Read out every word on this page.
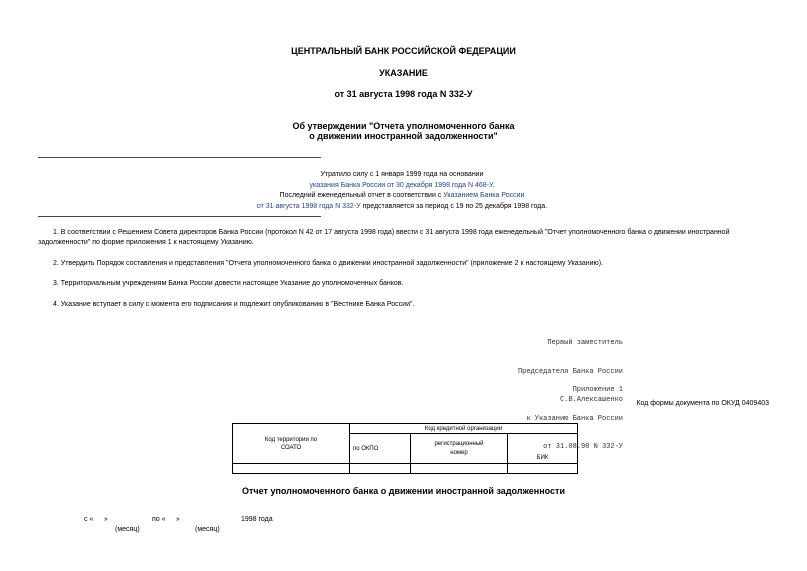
ЦЕНТРАЛЬНЫЙ БАНК РОССИЙСКОЙ ФЕДЕРАЦИИ
УКАЗАНИЕ
от 31 августа 1998 года N 332-У
Об утверждении "Отчета уполномоченного банка
о движении иностранной задолженности"
Утратило силу с 1 января 1999 года на основании
указания Банка России от 30 декабря 1998 года N 468-У.
Последний еженедельный отчет в соответствии с Указанием Банка России
от 31 августа 1998 года N 332-У представляется за период с 19 по 25 декабря 1998 года.
1. В соответствии с Решением Совета директоров Банка России (протокол N 42 от 17 августа 1998 года) ввести с 31 августа 1998 года еженедельный "Отчет уполномоченного банка о движении иностранной задолженности" по форме приложения 1 к настоящему Указанию.
2. Утвердить Порядок составления и представления "Отчета уполномоченного банка о движении иностранной задолженности" (приложение 2 к настоящему Указанию).
3. Территориальным учреждениям Банка России довести настоящее Указание до уполномоченных банков.
4. Указание вступает в силу с момента его подписания и подлежит опубликованию в "Вестнике Банка России".

Первый заместитель

Председателя Банка России

С.В.Алексашенко

Приложение 1

к Указанию Банка России

от 31.08.98 N 332-У

Код формы документа по ОКУД 0409403
Код территории по СОАТО	Код кредитной организации		
	по ОКПО	регистрационный номер	БИК

Отчет уполномоченного банка о движении иностранной задолженности
с « »	по « »	1998 года
(месяц)	(месяц)
